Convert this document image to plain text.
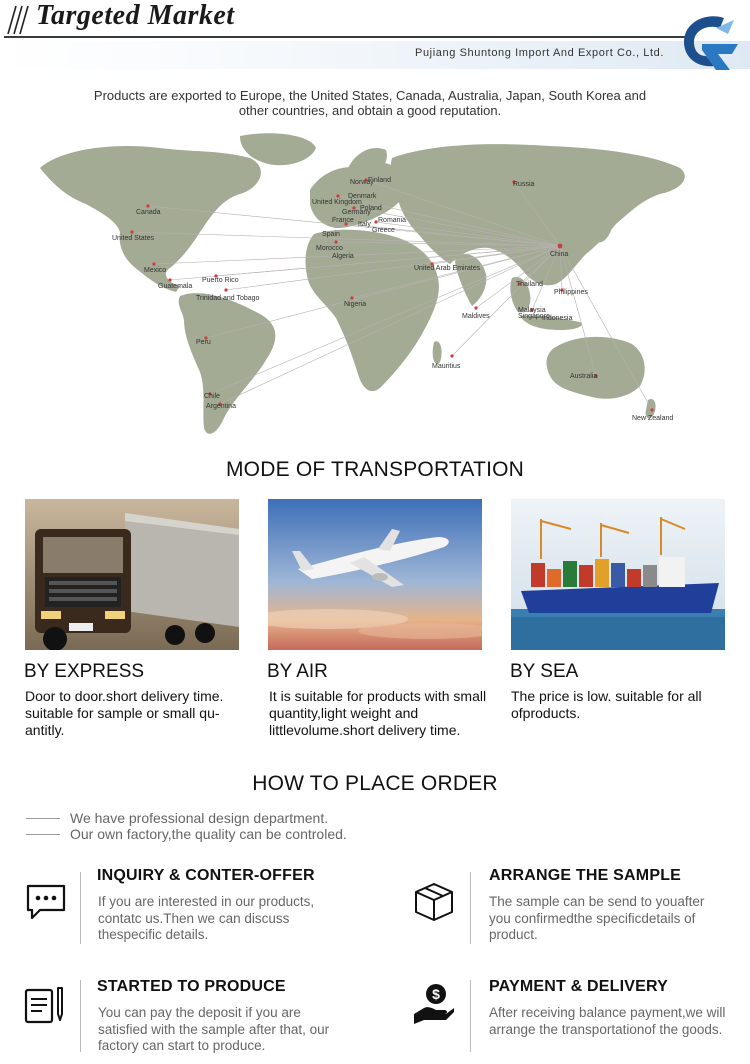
Targeted Market
Pujiang Shuntong Import And Export Co., Ltd.
Products are exported to Europe, the United States, Canada, Australia, Japan, South Korea and other countries, and obtain a good reputation.
Russia
Canada
United States
Mexico
Guatemala
Puerto Rico
Trinidad and Tobago
Peru
Chile
Argentina
Norway
Finland
Denmark
United Kingdom
Poland
Germany
France	Romania
Italy
Greece
Spain
Morocco
Algeria
Nigeria
United Arab Emirates
Maldives
Mauritius
Thailand
Philippines
Malaysia
Singapore
Indonesia
Australia
New Zealand
China
MODE OF TRANSPORTATION
BY EXPRESS	BY AIR	BY SEA
Door to door.short delivery time. suitable for sample or small qu-antitly.
It is suitable for products with small quantity,light weight and littlevolume.short delivery time.
The price is low. suitable for all ofproducts.
HOW TO PLACE ORDER
We have professional design department.
Our own factory,the quality can be controled.
INQUIRY & CONTER-OFFER
If you are interested in our products, contatc us.Then we can discuss thespecific details.
ARRANGE THE SAMPLE
The sample can be send to youafter you confirmedthe specificdetails of product.
STARTED TO PRODUCE
You can pay the deposit if you are satisfied with the sample after that, our factory can start to produce.
$	PAYMENT & DELIVERY
After receiving balance payment,we will arrange the transportationof the goods.
